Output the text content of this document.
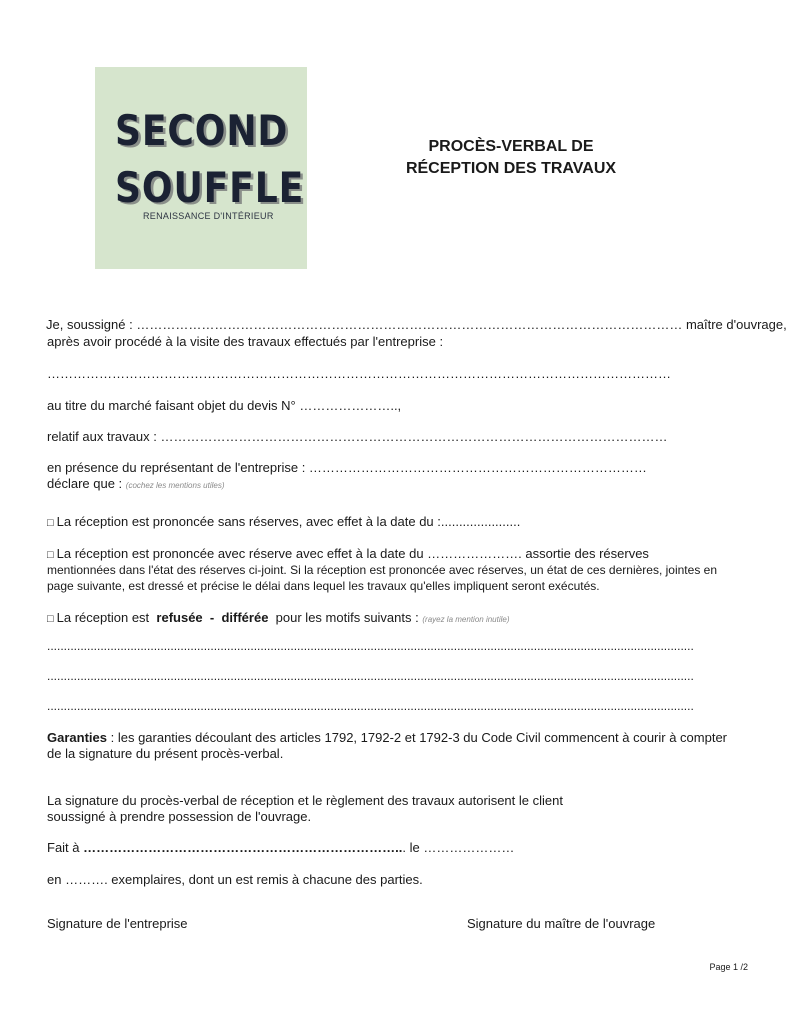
SECOND

SOUFFLE

RENAISSANCE D'INTÉRIEUR
PROCÈS-VERBAL DE
RÉCEPTION DES TRAVAUX

Je, soussigné : ……………………………………………………………………………………………………………… maître d'ouvrage,

après avoir procédé à la visite des travaux effectués par l'entreprise :

………………………………………………………………………………………………………………………………

au titre du marché faisant objet du devis N° …………………..,

relatif aux travaux : ………………………………………………………………………………………………………

en présence du représentant de l'entreprise : ……………………………………………………………………

déclare que : (cochez les mentions utiles)

□ La réception est prononcée sans réserves, avec effet à la date du :......................

□ La réception est prononcée avec réserve avec effet à la date du …………………. assortie des réserves

mentionnées dans l'état des réserves ci-joint. Si la réception est prononcée avec réserves, un état de ces dernières, jointes en

page suivante, est dressé et précise le délai dans lequel les travaux qu'elles impliquent seront exécutés.

□ La réception est refusée - différée pour les motifs suivants : (rayez la mention inutile)

..................................................................................................................................................................................................

..................................................................................................................................................................................................

..................................................................................................................................................................................................

Garanties : les garanties découlant des articles 1792, 1792-2 et 1792-3 du Code Civil commencent à courir à compter

de la signature du présent procès-verbal.

La signature du procès-verbal de réception et le règlement des travaux autorisent le client

soussigné à prendre possession de l'ouvrage.

Fait à ………………………………………………………………... le …………………

en ………. exemplaires, dont un est remis à chacune des parties.

Signature de l'entreprise	Signature du maître de l'ouvrage

Page 1 /2
